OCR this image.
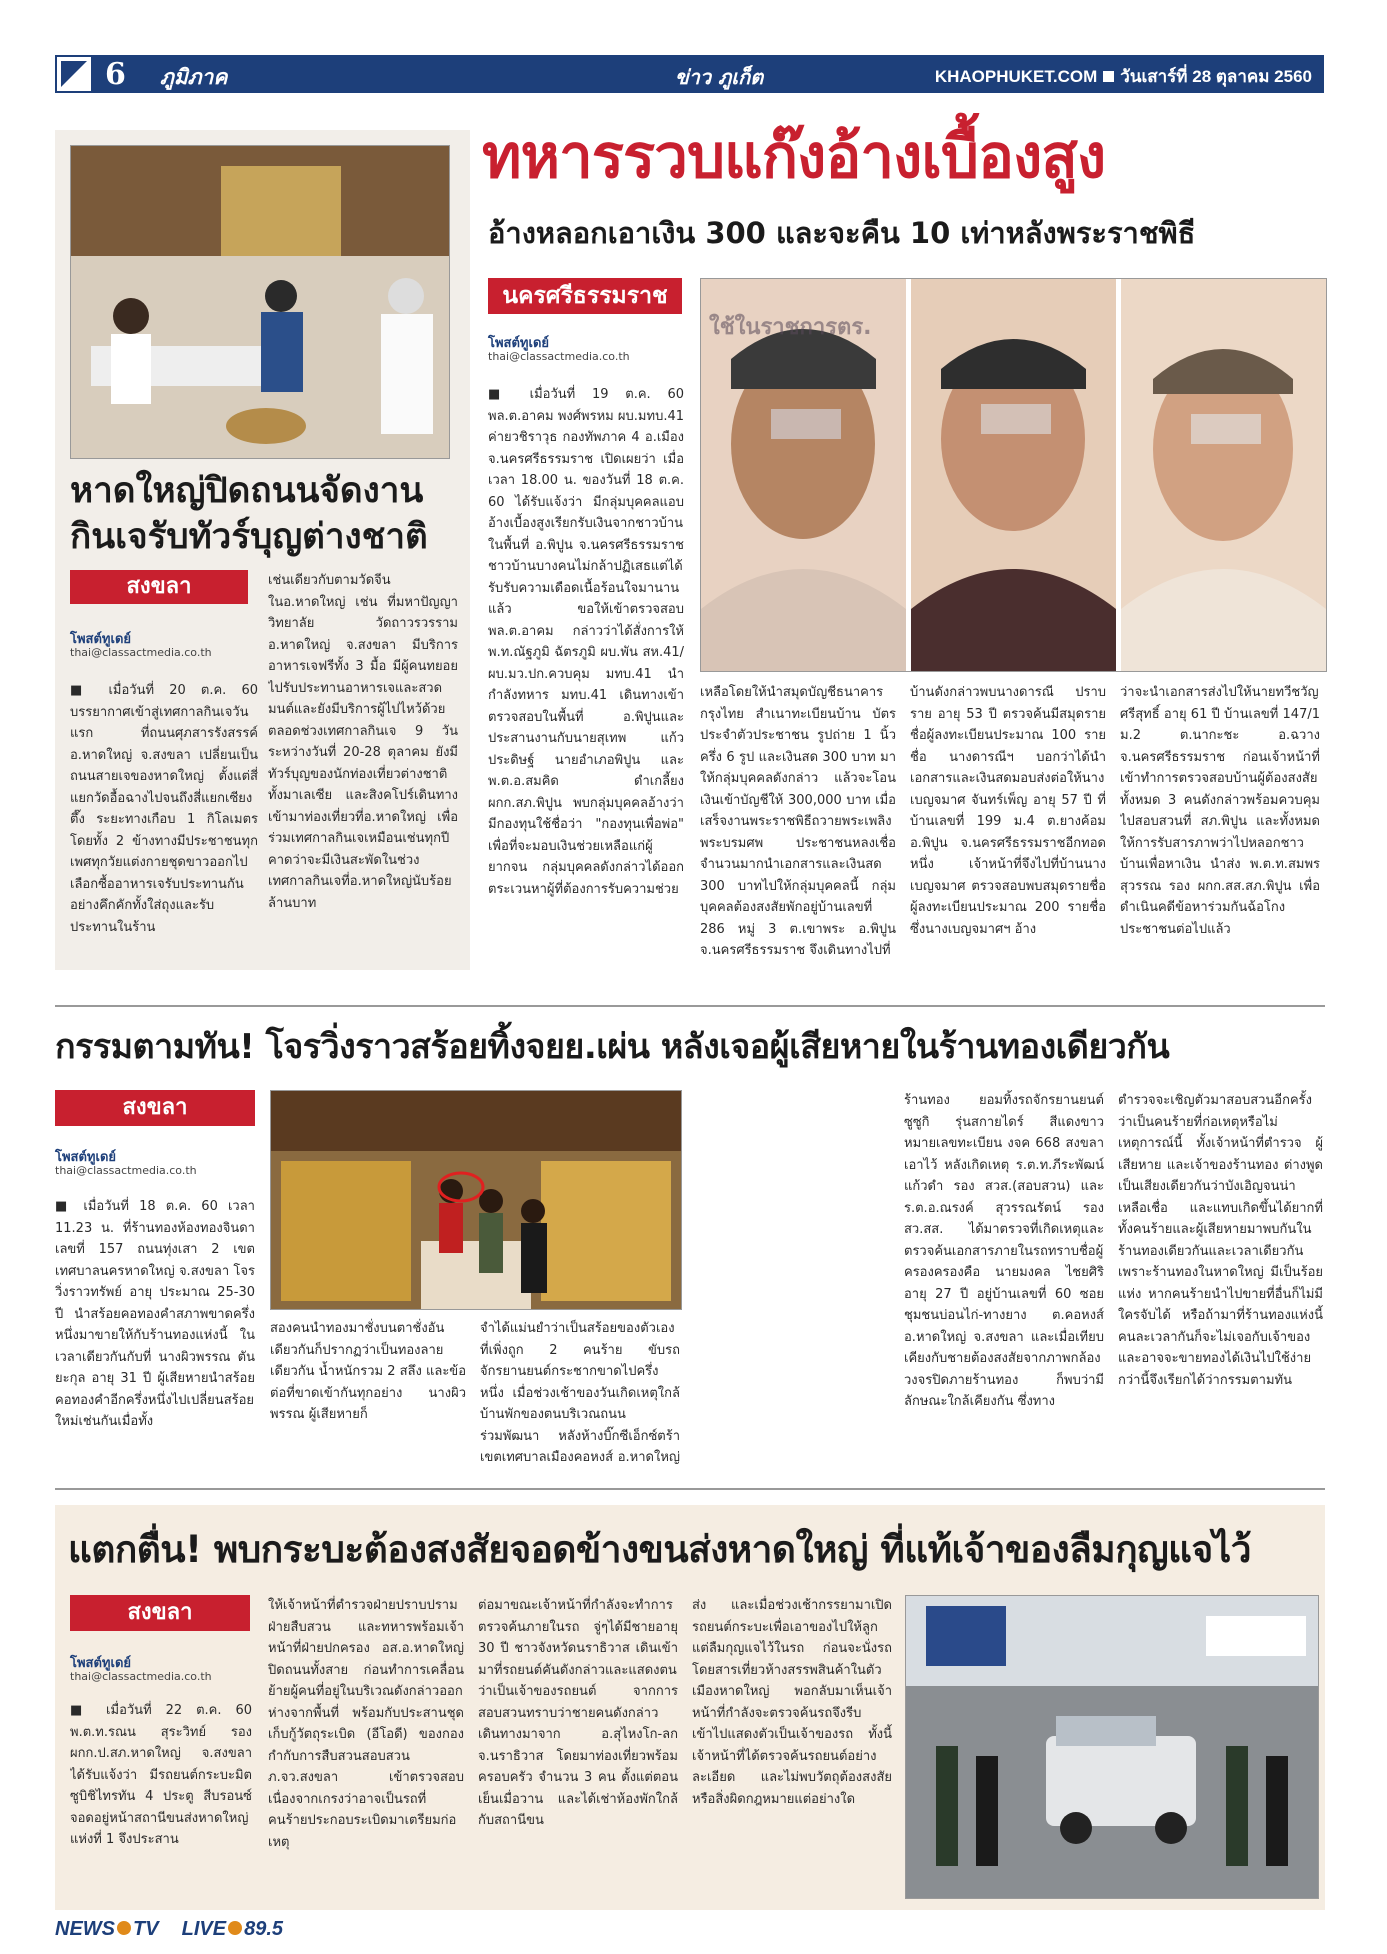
6 ภูมิภาค	ข่าว ภูเก็ต	KHAOPHUKET.COM วันเสาร์ที่ 28 ตุลาคม 2560
หาดใหญ่ปิดถนนจัดงาน กินเจรับทัวร์บุญต่างชาติ
สงขลา
โพสต์ทูเดย์
thai@classactmedia.co.th
■ เมื่อวันที่ 20 ต.ค. 60 บรรยากาศเข้าสู่เทศกาลกินเจวันแรก ที่ถนนศุภสารรังสรรค์ อ.หาดใหญ่ จ.สงขลา เปลี่ยนเป็นถนนสายเจของหาดใหญ่ ตั้งแต่สี่แยกวัดอื้อฉางไปจนถึงสี่แยกเซียงตึ๊ง ระยะทางเกือบ 1 กิโลเมตร โดยทั้ง 2 ข้างทางมีประชาชนทุกเพศทุกวัยแต่งกายชุดขาวออกไปเลือกซื้ออาหารเจรับประทานกันอย่างคึกคักทั้งใส่ถุงและรับประทานในร้าน
เช่นเดียวกับตามวัดจีนในอ.หาดใหญ่ เช่น ที่มหาปัญญาวิทยาลัย วัดถาวรวรราม อ.หาดใหญ่ จ.สงขลา มีบริการอาหารเจฟรีทั้ง 3 มื้อ มีผู้คนทยอยไปรับประทานอาหารเจและสวดมนต์และยังมีบริการผู้ไปไหว้ด้วย ตลอดช่วงเทศกาลกินเจ 9 วัน ระหว่างวันที่ 20-28 ตุลาคม ยังมีทัวร์บุญของนักท่องเที่ยวต่างชาติ ทั้งมาเลเซีย และสิงคโปร์เดินทางเข้ามาท่องเที่ยวที่อ.หาดใหญ่ เพื่อร่วมเทศกาลกินเจเหมือนเช่นทุกปี คาดว่าจะมีเงินสะพัดในช่วงเทศกาลกินเจที่อ.หาดใหญ่นับร้อยล้านบาท
ทหารรวบแก๊งอ้างเบื้องสูง
อ้างหลอกเอาเงิน 300 และจะคืน 10 เท่าหลังพระราชพิธี
นครศรีธรรมราช
โพสต์ทูเดย์
thai@classactmedia.co.th
■ เมื่อวันที่ 19 ต.ค. 60 พล.ต.อาคม พงศ์พรหม ผบ.มทบ.41 ค่ายวชิราวุธ กองทัพภาค 4 อ.เมือง จ.นครศรีธรรมราช เปิดเผยว่า เมื่อเวลา 18.00 น. ของวันที่ 18 ต.ค. 60 ได้รับแจ้งว่า มีกลุ่มบุคคลแอบอ้างเบื้องสูงเรียกรับเงินจากชาวบ้านในพื้นที่ อ.พิปูน จ.นครศรีธรรมราช ชาวบ้านบางคนไม่กล้าปฏิเสธแต่ได้รับรับความเดือดเนื้อร้อนใจมานานแล้ว ขอให้เข้าตรวจสอบ พล.ต.อาคม กล่าวว่าได้สั่งการให้ พ.ท.ณัฐภูมิ ฉัตรภูมิ ผบ.พัน สห.41/ผบ.มว.ปก.ควบคุม มทบ.41 นำกำลังทหาร มทบ.41 เดินทางเข้าตรวจสอบในพื้นที่ อ.พิปูนและประสานงานกับนายสุเทพ แก้วประดิษฐ์ นายอำเภอพิปูน และ พ.ต.อ.สมคิด ดำเกลี้ยง ผกก.สภ.พิปูน พบกลุ่มบุคคลอ้างว่ามีกองทุนใช้ชื่อว่า "กองทุนเพื่อพ่อ" เพื่อที่จะมอบเงินช่วยเหลือแก่ผู้ยากจน กลุ่มบุคคลดังกล่าวได้ออกตระเวนหาผู้ที่ต้องการรับความช่วย
ใช้ในราชการตร.
เหลือโดยให้นำสมุดบัญชีธนาคารกรุงไทย สำเนาทะเบียนบ้าน บัตรประจำตัวประชาชน รูปถ่าย 1 นิ้ว ครึ่ง 6 รูป และเงินสด 300 บาท มาให้กลุ่มบุคคลดังกล่าว แล้วจะโอนเงินเข้าบัญชีให้ 300,000 บาท เมื่อเสร็จงานพระราชพิธีถวายพระเพลิงพระบรมศพ ประชาชนหลงเชื่อจำนวนมากนำเอกสารและเงินสด 300 บาทไปให้กลุ่มบุคคลนี้ กลุ่มบุคคลต้องสงสัยพักอยู่บ้านเลขที่ 286 หมู่ 3 ต.เขาพระ อ.พิปูน จ.นครศรีธรรมราช จึงเดินทางไปที่
บ้านดังกล่าวพบนางดารณี ปราบราย อายุ 53 ปี ตรวจค้นมีสมุดรายชื่อผู้ลงทะเบียนประมาณ 100 รายชื่อ นางดารณีฯ บอกว่าได้นำเอกสารและเงินสดมอบส่งต่อให้นางเบญจมาศ จันทร์เพ็ญ อายุ 57 ปี ที่บ้านเลขที่ 199 ม.4 ต.ยางค้อม อ.พิปูน จ.นครศรีธรรมราชอีกทอดหนึ่ง เจ้าหน้าที่จึงไปที่บ้านนางเบญจมาศ ตรวจสอบพบสมุดรายชื่อผู้ลงทะเบียนประมาณ 200 รายชื่อ ซึ่งนางเบญจมาศฯ อ้าง
ว่าจะนำเอกสารส่งไปให้นายทวีชวัญศรีสุทธิ์ อายุ 61 ปี บ้านเลขที่ 147/1 ม.2 ต.นากะชะ อ.ฉวาง จ.นครศรีธรรมราช ก่อนเจ้าหน้าที่เข้าทำการตรวจสอบบ้านผู้ต้องสงสัยทั้งหมด 3 คนดังกล่าวพร้อมควบคุมไปสอบสวนที่ สภ.พิปูน และทั้งหมดให้การรับสารภาพว่าไปหลอกชาวบ้านเพื่อหาเงิน นำส่ง พ.ต.ท.สมพร สุวรรณ รอง ผกก.สส.สภ.พิปูน เพื่อดำเนินคดีข้อหาร่วมกันฉ้อโกงประชาชนต่อไปแล้ว
กรรมตามทัน! โจรวิ่งราวสร้อยทิ้งจยย.เผ่น หลังเจอผู้เสียหายในร้านทองเดียวกัน
สงขลา
โพสต์ทูเดย์
thai@classactmedia.co.th
■ เมื่อวันที่ 18 ต.ค. 60 เวลา 11.23 น. ที่ร้านทองห้องทองจินดา เลขที่ 157 ถนนทุ่งเสา 2 เขตเทศบาลนครหาดใหญ่ จ.สงขลา โจรวิ่งราวทรัพย์ อายุ ประมาณ 25-30 ปี นำสร้อยคอทองคำสภาพขาดครึ่งหนึ่งมาขายให้กับร้านทองแห่งนี้ ในเวลาเดียวกันกับที่ นางผิวพรรณ ตันยะกุล อายุ 31 ปี ผู้เสียหายนำสร้อยคอทองคำอีกครึ่งหนึ่งไปเปลี่ยนสร้อยใหม่เช่นกันเมื่อทั้ง
สองคนนำทองมาชั่งบนตาชั่งอันเดียวกันก็ปรากฏว่าเป็นทองลายเดียวกัน น้ำหนักรวม 2 สลึง และข้อต่อที่ขาดเข้ากันทุกอย่าง นางผิวพรรณ ผู้เสียหายก็
จำได้แม่นยำว่าเป็นสร้อยของตัวเองที่เพิ่งถูก 2 คนร้าย ขับรถจักรยานยนต์กระชากขาดไปครึ่งหนึ่ง เมื่อช่วงเช้าของวันเกิดเหตุใกล้บ้านพักของตนบริเวณถนนร่วมพัฒนา หลังห้างบิ๊กซีเอ็กซ์ตร้า เขตเทศบาลเมืองคอหงส์ อ.หาดใหญ่
ร้านทอง ยอมทิ้งรถจักรยานยนต์ซูซูกิ รุ่นสกายไดร์ สีแดงขาว หมายเลขทะเบียน งจค 668 สงขลา เอาไว้ หลังเกิดเหตุ ร.ต.ท.ภีระพัฒน์ แก้วดำ รอง สวส.(สอบสวน) และ ร.ต.อ.ณรงค์ สุวรรณรัตน์ รอง สว.สส. ได้มาตรวจที่เกิดเหตุและตรวจค้นเอกสารภายในรถทราบชื่อผู้ครองครองคือ นายมงคล ไชยศิริ อายุ 27 ปี อยู่บ้านเลขที่ 60 ซอยชุมชนบ่อนไก่-ทางยาง ต.คอหงส์ อ.หาดใหญ่ จ.สงขลา และเมื่อเทียบเคียงกับชายต้องสงสัยจากภาพกล้องวงจรปิดภายร้านทอง ก็พบว่ามีลักษณะใกล้เคียงกัน ซึ่งทาง
ตำรวจจะเชิญตัวมาสอบสวนอีกครั้งว่าเป็นคนร้ายที่ก่อเหตุหรือไม่ เหตุการณ์นี้ ทั้งเจ้าหน้าที่ตำรวจ ผู้เสียหาย และเจ้าของร้านทอง ต่างพูดเป็นเสียงเดียวกันว่าบังเอิญจนน่าเหลือเชื่อ และแทบเกิดขึ้นได้ยากที่ทั้งคนร้ายและผู้เสียหายมาพบกันในร้านทองเดียวกันและเวลาเดียวกัน เพราะร้านทองในหาดใหญ่ มีเป็นร้อยแห่ง หากคนร้ายนำไปขายที่อื่นก็ไม่มีใครจับได้ หรือถ้ามาที่ร้านทองแห่งนี้คนละเวลากันก็จะไม่เจอกับเจ้าของและอาจจะขายทองได้เงินไปใช้ง่ายกว่านี้จึงเรียกได้ว่ากรรมตามทัน
แตกตื่น! พบกระบะต้องสงสัยจอดข้างขนส่งหาดใหญ่ ที่แท้เจ้าของลืมกุญแจไว้
สงขลา
โพสต์ทูเดย์
thai@classactmedia.co.th
■ เมื่อวันที่ 22 ต.ค. 60 พ.ต.ท.รณน สุระวิทย์ รอง ผกก.ป.สภ.หาดใหญ่ จ.สงขลา ได้รับแจ้งว่า มีรถยนต์กระบะมิตซูบิชิไทรทัน 4 ประตู สีบรอนซ์ จอดอยู่หน้าสถานีขนส่งหาดใหญ่ แห่งที่ 1 จึงประสาน
ให้เจ้าหน้าที่ตำรวจฝ่ายปราบปราม ฝ่ายสืบสวน และทหารพร้อมเจ้าหน้าที่ฝ่ายปกครอง อส.อ.หาดใหญ่ ปิดถนนทั้งสาย ก่อนทำการเคลื่อนย้ายผู้คนที่อยู่ในบริเวณดังกล่าวออกห่างจากพื้นที่ พร้อมกับประสานชุดเก็บกู้วัตถุระเบิด (อีโอดี) ของกองกำกับการสืบสวนสอบสวน ภ.จว.สงขลา เข้าตรวจสอบ เนื่องจากเกรงว่าอาจเป็นรถที่คนร้ายประกอบระเบิดมาเตรียมก่อเหตุ
ต่อมาขณะเจ้าหน้าที่กำลังจะทำการตรวจค้นภายในรถ จู่ๆได้มีชายอายุ 30 ปี ชาวจังหวัดนราธิวาส เดินเข้ามาที่รถยนต์คันดังกล่าวและแสดงตนว่าเป็นเจ้าของรถยนต์ จากการสอบสวนทราบว่าชายคนดังกล่าวเดินทางมาจาก อ.สุไหงโก-ลก จ.นราธิวาส โดยมาท่องเที่ยวพร้อมครอบครัว จำนวน 3 คน ตั้งแต่ตอนเย็นเมื่อวาน และได้เช่าห้องพักใกล้กับสถานีขน
ส่ง และเมื่อช่วงเช้ากรรยามาเปิดรถยนต์กระบะเพื่อเอาของไปให้ลูกแต่ลืมกุญแจไว้ในรถ ก่อนจะนั่งรถโดยสารเที่ยวห้างสรรพสินค้าในตัวเมืองหาดใหญ่ พอกลับมาเห็นเจ้าหน้าที่กำลังจะตรวจค้นรถจึงรีบเข้าไปแสดงตัวเป็นเจ้าของรถ ทั้งนี้เจ้าหน้าที่ได้ตรวจค้นรถยนต์อย่างละเอียด และไม่พบวัตถุต้องสงสัย หรือสิ่งผิดกฎหมายแต่อย่างใด
NEWS TV LIVE 89.5
